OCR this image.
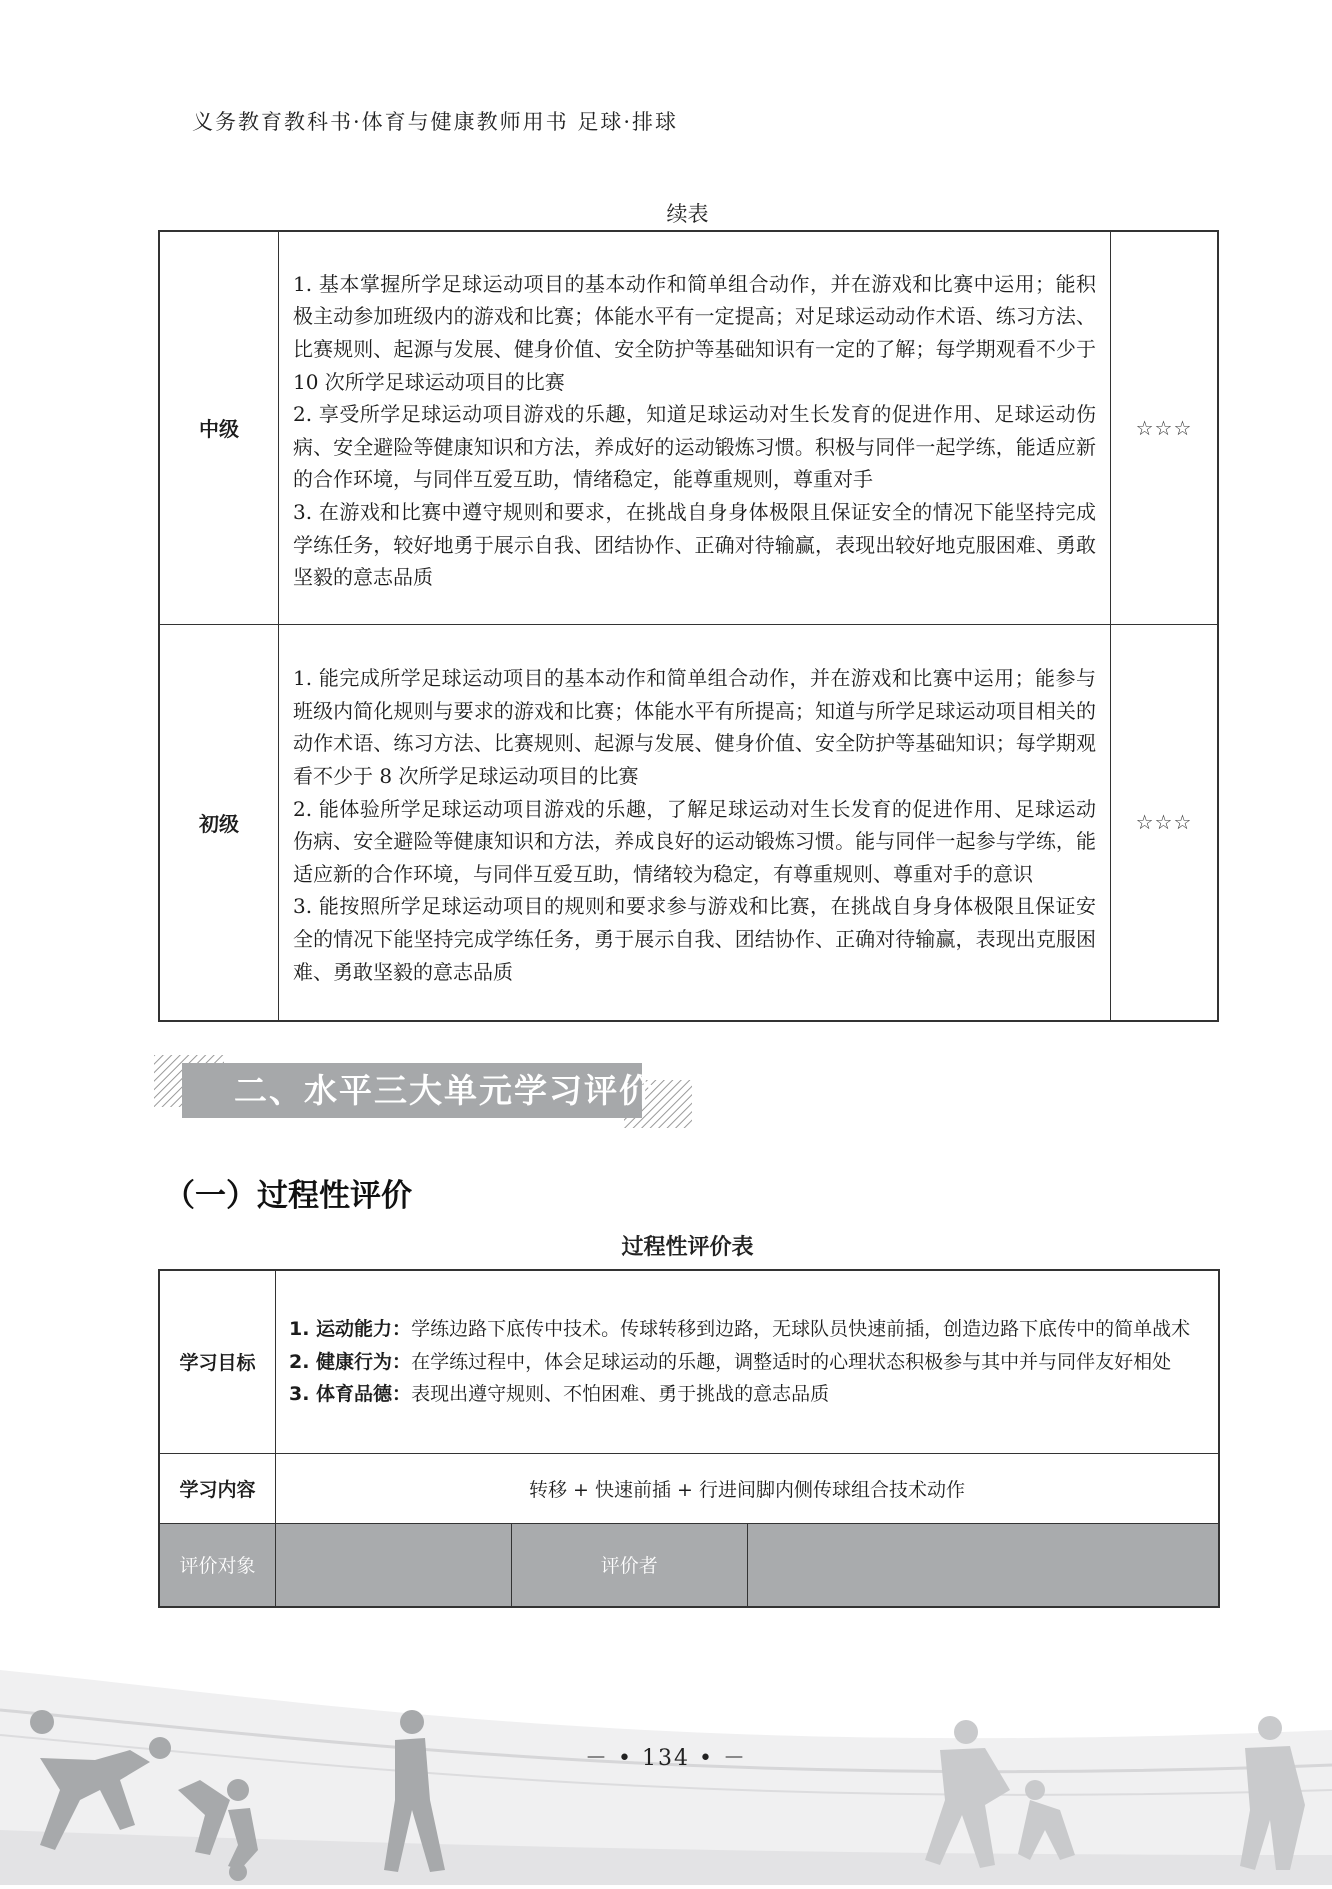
义务教育教科书·体育与健康教师用书 足球·排球
续表
中级	1. 基本掌握所学足球运动项目的基本动作和简单组合动作，并在游戏和比赛中运用；能积极主动参加班级内的游戏和比赛；体能水平有一定提高；对足球运动动作术语、练习方法、比赛规则、起源与发展、健身价值、安全防护等基础知识有一定的了解；每学期观看不少于 10 次所学足球运动项目的比赛

2. 享受所学足球运动项目游戏的乐趣，知道足球运动对生长发育的促进作用、足球运动伤病、安全避险等健康知识和方法，养成好的运动锻炼习惯。积极与同伴一起学练，能适应新的合作环境，与同伴互爱互助，情绪稳定，能尊重规则，尊重对手

3. 在游戏和比赛中遵守规则和要求，在挑战自身身体极限且保证安全的情况下能坚持完成学练任务，较好地勇于展示自我、团结协作、正确对待输赢，表现出较好地克服困难、勇敢坚毅的意志品质	☆☆☆
初级	1. 能完成所学足球运动项目的基本动作和简单组合动作，并在游戏和比赛中运用；能参与班级内简化规则与要求的游戏和比赛；体能水平有所提高；知道与所学足球运动项目相关的动作术语、练习方法、比赛规则、起源与发展、健身价值、安全防护等基础知识；每学期观看不少于 8 次所学足球运动项目的比赛

2. 能体验所学足球运动项目游戏的乐趣，了解足球运动对生长发育的促进作用、足球运动伤病、安全避险等健康知识和方法，养成良好的运动锻炼习惯。能与同伴一起参与学练，能适应新的合作环境，与同伴互爱互助，情绪较为稳定，有尊重规则、尊重对手的意识

3. 能按照所学足球运动项目的规则和要求参与游戏和比赛，在挑战自身身体极限且保证安全的情况下能坚持完成学练任务，勇于展示自我、团结协作、正确对待输赢，表现出克服困难、勇敢坚毅的意志品质	☆☆☆
二、水平三大单元学习评价
（一）过程性评价
过程性评价表
学习目标	1. 运动能力：学练边路下底传中技术。传球转移到边路，无球队员快速前插，创造边路下底传中的简单战术

2. 健康行为：在学练过程中，体会足球运动的乐趣，调整适时的心理状态积极参与其中并与同伴友好相处

3. 体育品德：表现出遵守规则、不怕困难、勇于挑战的意志品质		

学习内容	转移 + 快速前插 + 行进间脚内侧传球组合技术动作		
评价对象		评价者	
－ • 134 • －
